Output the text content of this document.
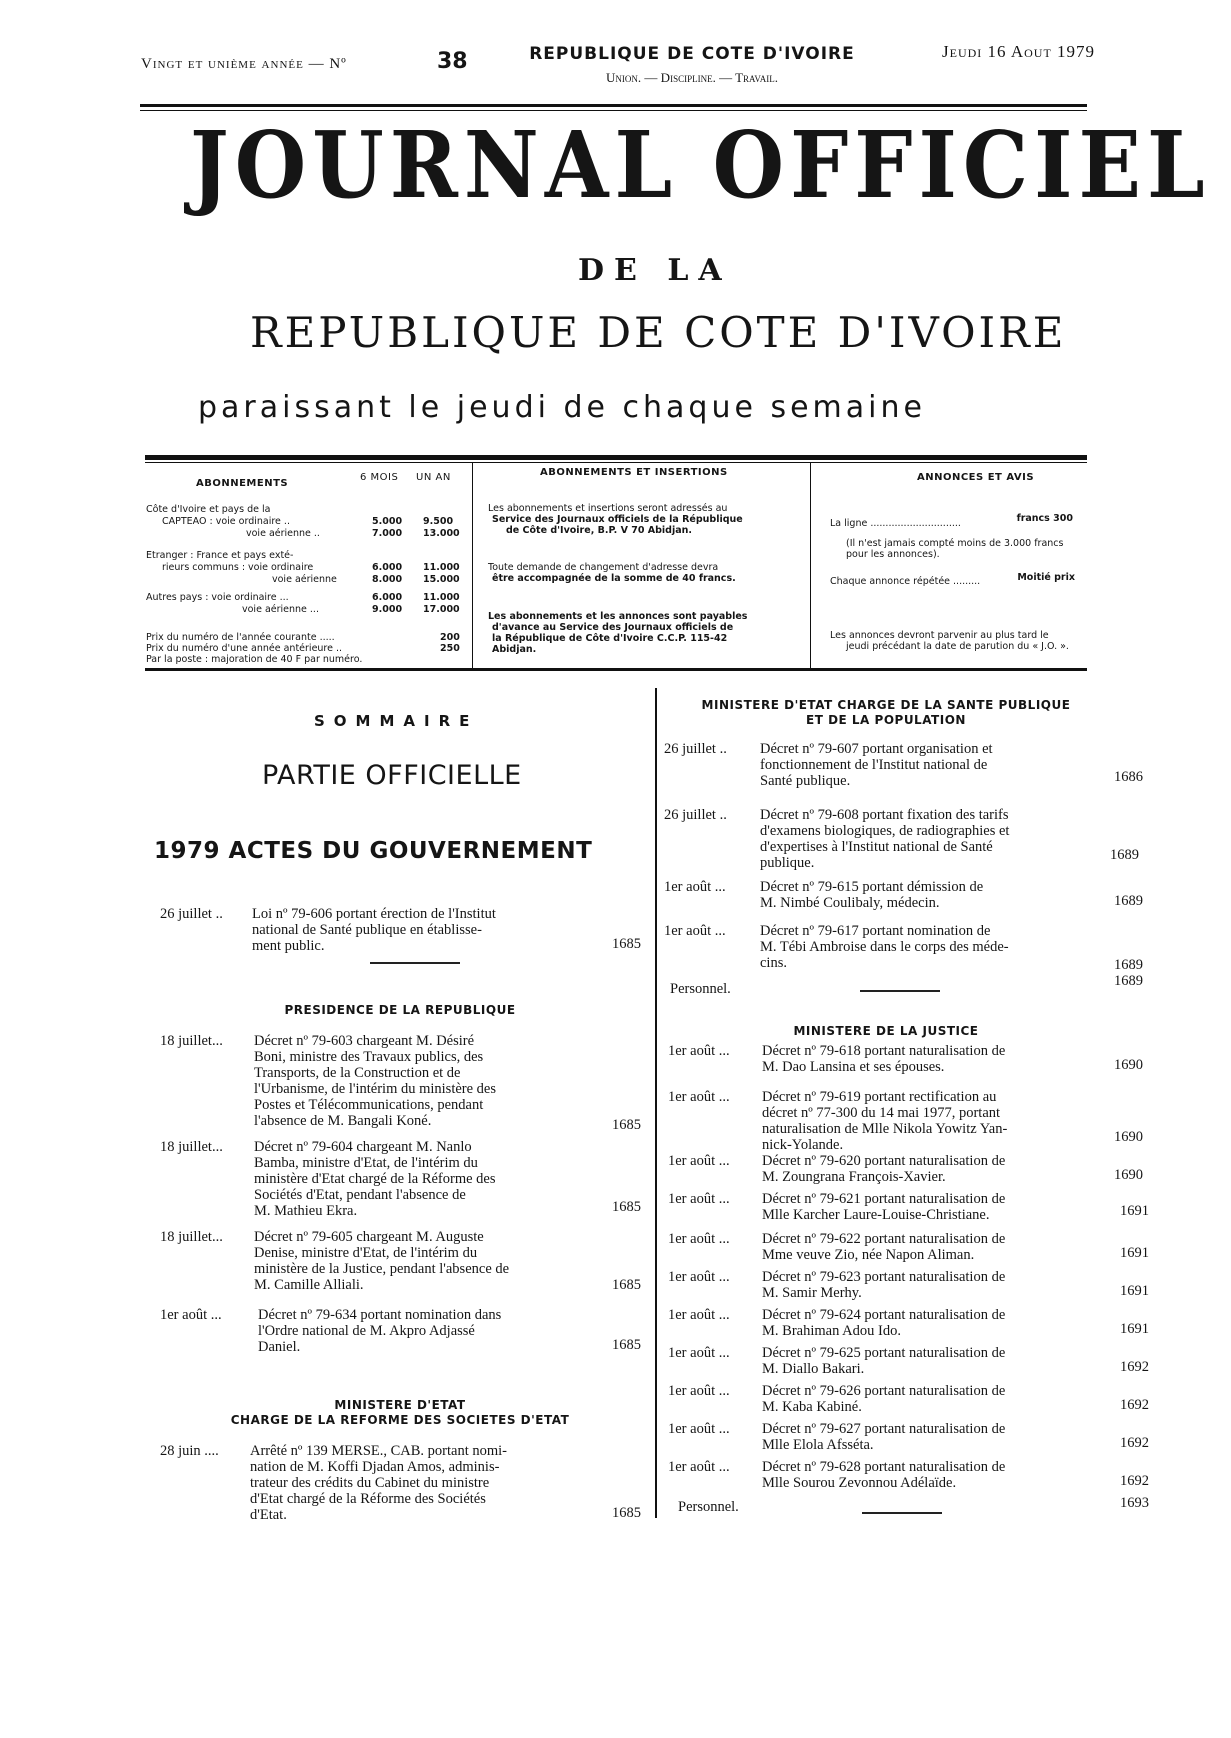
Vingt et unième année — Nº	38	REPUBLIQUE DE COTE D'IVOIRE
Union. — Discipline. — Travail.
Jeudi 16 Aout 1979
JOURNAL OFFICIEL
DE LA
REPUBLIQUE DE COTE D'IVOIRE
paraissant le jeudi de chaque semaine
ABONNEMENTS
6 MOIS UN AN
Côte d'Ivoire et pays de la
CAPTEAO : voie ordinaire ..	5.000 9.500
voie aérienne ..	7.000 13.000
Etranger : France et pays exté-
rieurs communs : voie ordinaire	6.000 11.000
voie aérienne	8.000 15.000
Autres pays : voie ordinaire ...	6.000 11.000
voie aérienne ...	9.000 17.000
Prix du numéro de l'année courante .....	200
Prix du numéro d'une année antérieure ..	250
Par la poste : majoration de 40 F par numéro.
ABONNEMENTS ET INSERTIONS
Les abonnements et insertions seront adressés au
Service des Journaux officiels de la République
de Côte d'Ivoire, B.P. V 70 Abidjan.
Toute demande de changement d'adresse devra
être accompagnée de la somme de 40 francs.
Les abonnements et les annonces sont payables
d'avance au Service des Journaux officiels de
la République de Côte d'Ivoire C.C.P. 115-42
Abidjan.
ANNONCES ET AVIS
La ligne ..............................	300 francs
(Il n'est jamais compté moins de 3.000 francs
pour les annonces).
Chaque annonce répétée .........	Moitié prix
Les annonces devront parvenir au plus tard le
jeudi précédant la date de parution du « J.O. ».
SOMMAIRE
PARTIE OFFICIELLE
1979 ACTES DU GOUVERNEMENT
26 juillet .. Loi nº 79-606 portant érection de l'Institut
national de Santé publique en établisse-
ment public.	1685
PRESIDENCE DE LA REPUBLIQUE
18 juillet... Décret nº 79-603 chargeant M. Désiré
Boni, ministre des Travaux publics, des
Transports, de la Construction et de
l'Urbanisme, de l'intérim du ministère des
Postes et Télécommunications, pendant
l'absence de M. Bangali Koné.	1685
18 juillet... Décret nº 79-604 chargeant M. Nanlo
Bamba, ministre d'Etat, de l'intérim du
ministère d'Etat chargé de la Réforme des
Sociétés d'Etat, pendant l'absence de
M. Mathieu Ekra.	1685
18 juillet... Décret nº 79-605 chargeant M. Auguste
Denise, ministre d'Etat, de l'intérim du
ministère de la Justice, pendant l'absence de
M. Camille Alliali.	1685
1er août ...	Décret nº 79-634 portant nomination dans
l'Ordre national de M. Akpro Adjassé
Daniel.	1685
MINISTERE D'ETAT
CHARGE DE LA REFORME DES SOCIETES D'ETAT
28 juin .... Arrêté nº 139 MERSE., CAB. portant nomi-
nation de M. Koffi Djadan Amos, adminis-
trateur des crédits du Cabinet du ministre
d'Etat chargé de la Réforme des Sociétés
d'Etat.	1685
MINISTERE D'ETAT CHARGE DE LA SANTE PUBLIQUE
ET DE LA POPULATION
26 juillet .. Décret nº 79-607 portant organisation et
fonctionnement de l'Institut national de
Santé publique.	1686
26 juillet .. Décret nº 79-608 portant fixation des tarifs
d'examens biologiques, de radiographies et
d'expertises à l'Institut national de Santé
publique.	1689
1er août ... Décret nº 79-615 portant démission de
M. Nimbé Coulibaly, médecin.	1689
1er août ... Décret nº 79-617 portant nomination de
M. Tébi Ambroise dans le corps des méde-
cins.	1689
Personnel.	1689
MINISTERE DE LA JUSTICE
1er août ... Décret nº 79-618 portant naturalisation de
M. Dao Lansina et ses épouses.	1690
1er août ... Décret nº 79-619 portant rectification au
décret nº 77-300 du 14 mai 1977, portant
naturalisation de Mlle Nikola Yowitz Yan-
nick-Yolande.	1690
1er août ... Décret nº 79-620 portant naturalisation de
M. Zoungrana François-Xavier.	1690
1er août ... Décret nº 79-621 portant naturalisation de
Mlle Karcher Laure-Louise-Christiane.	1691
1er août ... Décret nº 79-622 portant naturalisation de
Mme veuve Zio, née Napon Aliman.	1691
1er août ... Décret nº 79-623 portant naturalisation de
M. Samir Merhy.	1691
1er août ... Décret nº 79-624 portant naturalisation de
M. Brahiman Adou Ido.	1691
1er août ... Décret nº 79-625 portant naturalisation de
M. Diallo Bakari.	1692
1er août ... Décret nº 79-626 portant naturalisation de
M. Kaba Kabiné.	1692
1er août ... Décret nº 79-627 portant naturalisation de
Mlle Elola Afsséta.	1692
1er août ... Décret nº 79-628 portant naturalisation de
Mlle Sourou Zevonnou Adélaïde.	1692
Personnel.	1693
